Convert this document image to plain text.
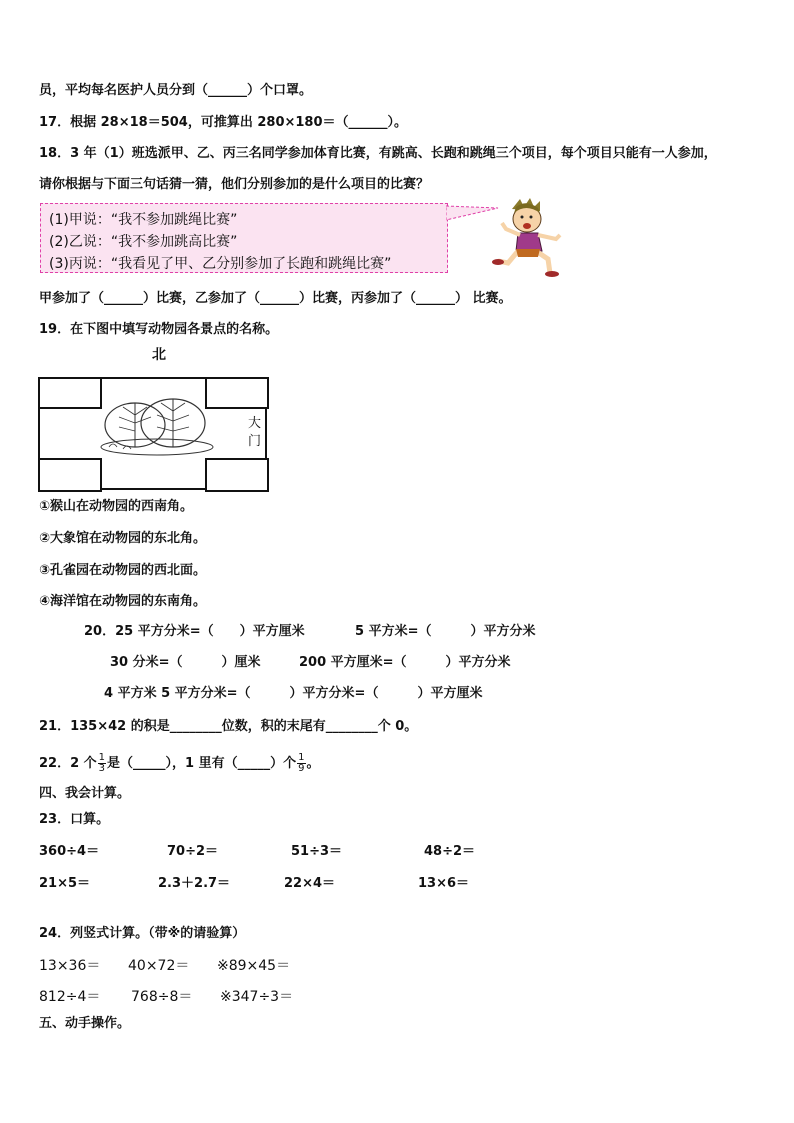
员，平均每名医护人员分到（______）个口罩。
17．根据 28×18＝504，可推算出 280×180＝（______）。
18．3 年（1）班选派甲、乙、丙三名同学参加体育比赛，有跳高、长跑和跳绳三个项目，每个项目只能有一人参加，
请你根据与下面三句话猜一猜，他们分别参加的是什么项目的比赛？
(1)甲说：“我不参加跳绳比赛”
(2)乙说：“我不参加跳高比赛”
(3)丙说：“我看见了甲、乙分别参加了长跑和跳绳比赛”
甲参加了（______）比赛，乙参加了（______）比赛，丙参加了（______） 比赛。
19．在下图中填写动物园各景点的名称。
北
大
门
①猴山在动物园的西南角。
②大象馆在动物园的东北角。
③孔雀园在动物园的西北面。
④海洋馆在动物园的东南角。
20．25 平方分米=（　　）平方厘米	5 平方米=（　　　）平方分米
30 分米=（　　　）厘米	200 平方厘米=（　　　）平方分米
4 平方米 5 平方分米=（　　　）平方分米=（　　　）平方厘米
21．135×42 的积是________位数，积的末尾有________个 0。
22．2 个 $\frac{1}{3}$ 是（_____），1 里有（_____）个 $\frac{1}{9}$ 。
四、我会计算。
23．口算。
360÷4＝	70÷2＝	51÷3＝	48÷2＝
21×5＝	2.3＋2.7＝	22×4＝	13×6＝
24．列竖式计算。（带※的请验算）
13×36＝ 40×72＝ ※89×45＝
812÷4＝ 768÷8＝ ※347÷3＝
五、动手操作。
